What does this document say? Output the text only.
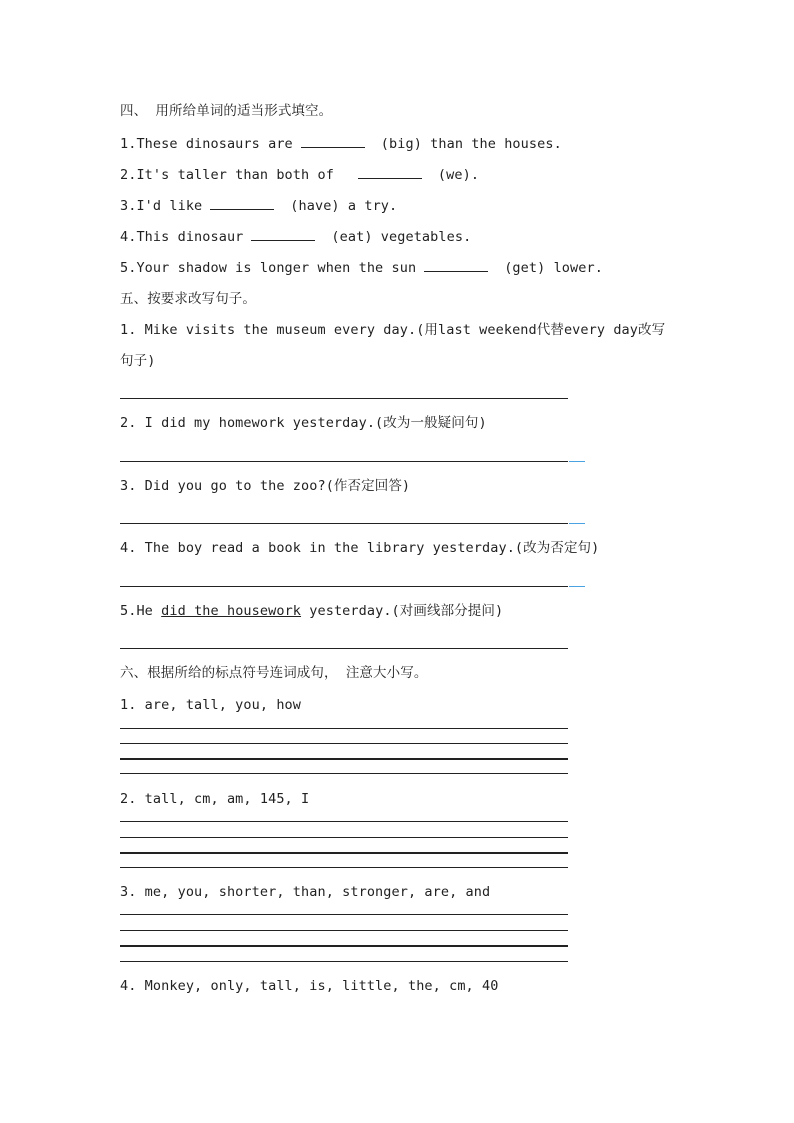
四、 用所给单词的适当形式填空。
1.These dinosaurs are	(big) than the houses.
2.It's taller than both of	(we).
3.I'd like	(have) a try.
4.This dinosaur	(eat) vegetables.
5.Your shadow is longer when the sun	(get) lower.
五、按要求改写句子。
1. Mike visits the museum every day.(用last weekend代替every day改写
句子)
2. I did my homework yesterday.(改为一般疑问句)
3. Did you go to the zoo?(作否定回答)
4. The boy read a book in the library yesterday.(改为否定句)
5.He did the housework yesterday.(对画线部分提问)
六、根据所给的标点符号连词成句， 注意大小写。
1. are, tall, you, how
2. tall, cm, am, 145, I
3. me, you, shorter, than, stronger, are, and
4. Monkey, only, tall, is, little, the, cm, 40
